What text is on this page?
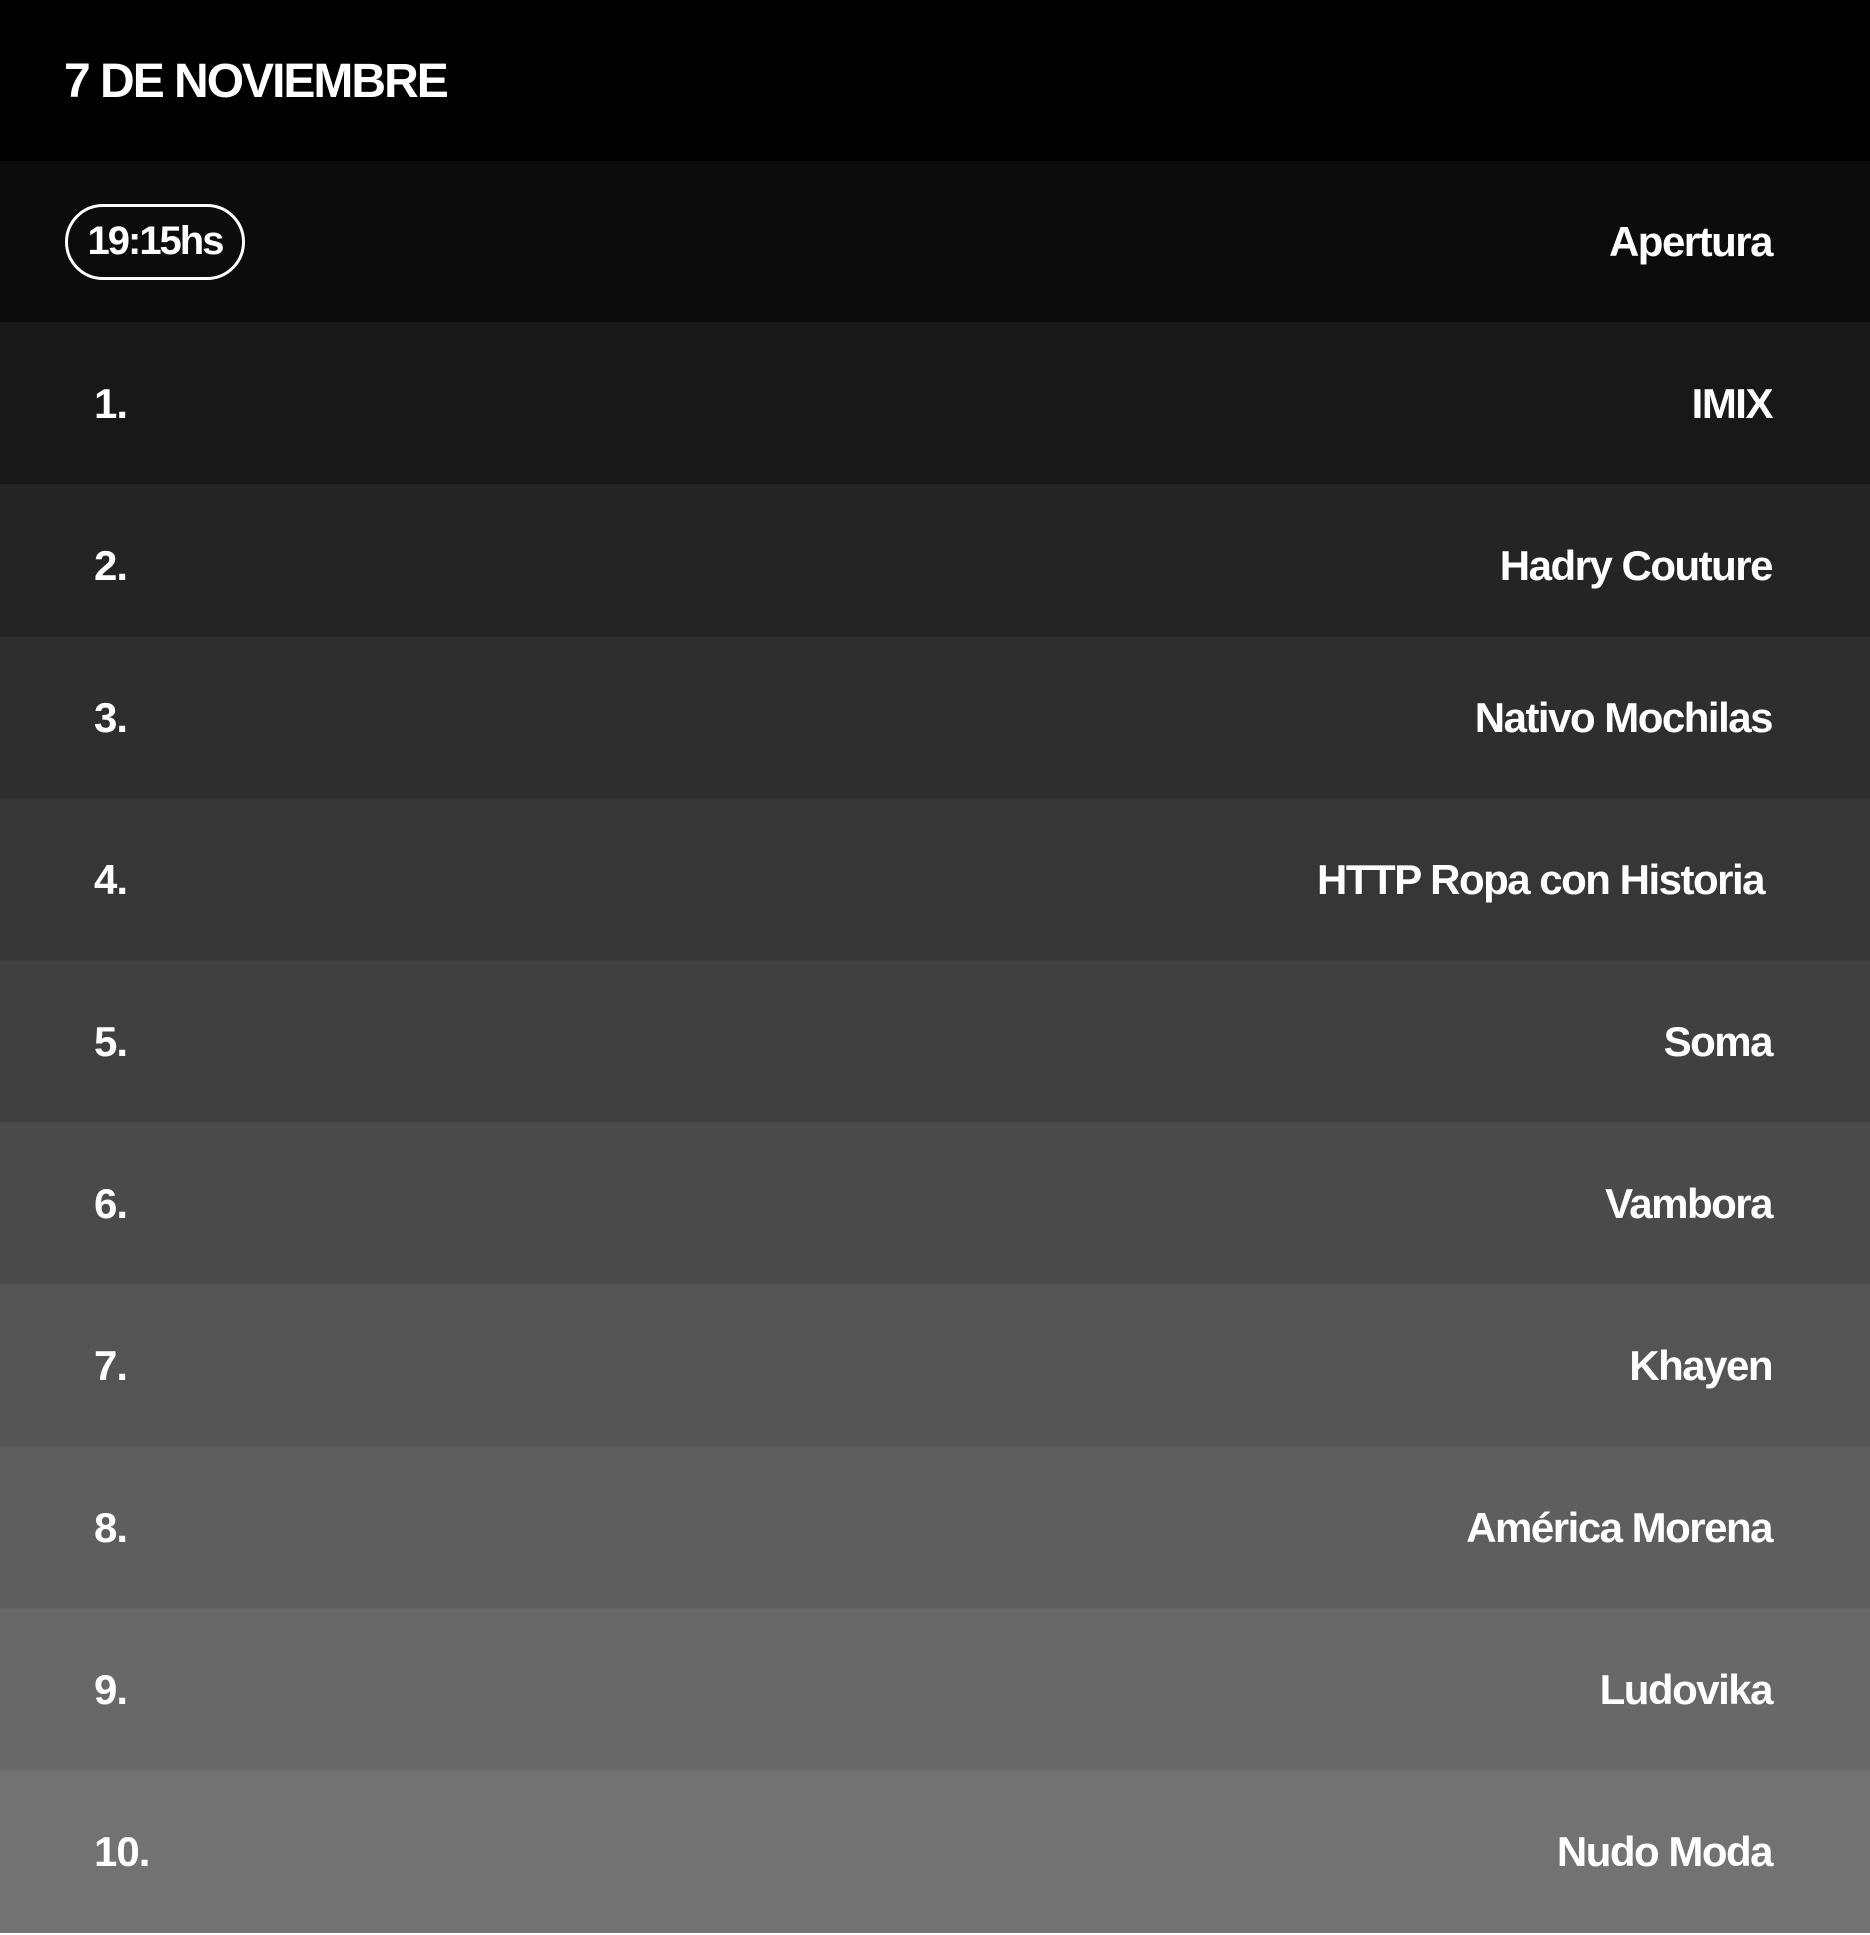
7 DE NOVIEMBRE
19:15hs	Apertura
1.	IMIX
2.	Hadry Couture
3.	Nativo Mochilas
4.	HTTP Ropa con Historia
5.	Soma
6.	Vambora
7.	Khayen
8.	América Morena
9.	Ludovika
10.	Nudo Moda
